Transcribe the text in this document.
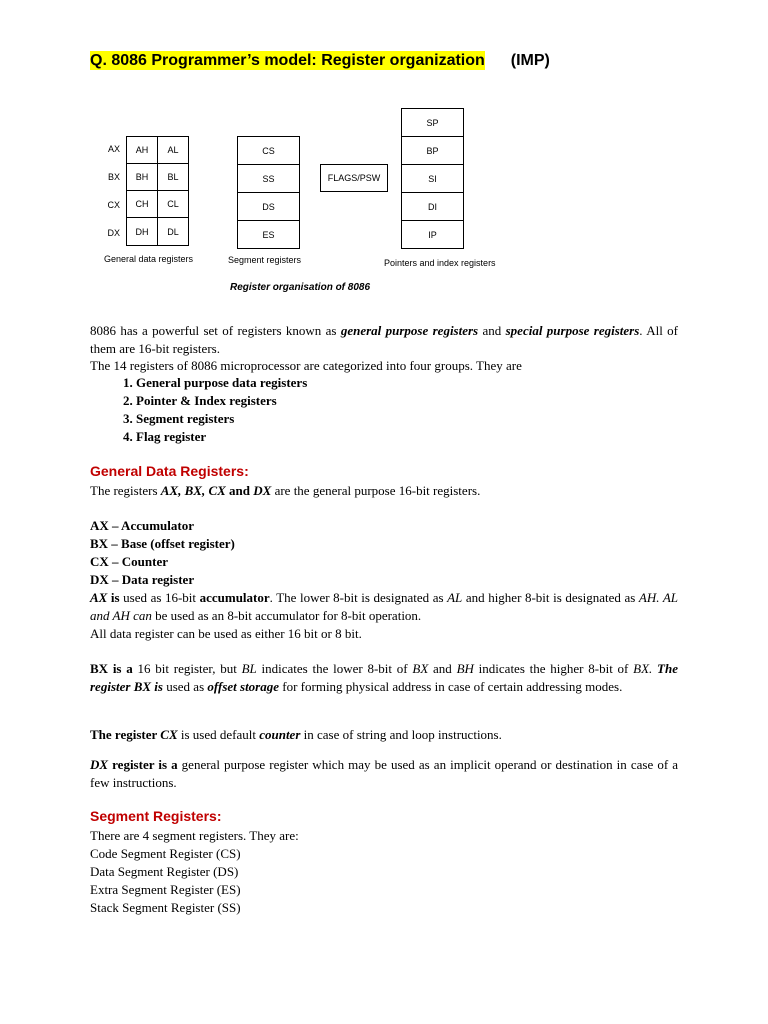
Q. 8086 Programmer’s model: Register organization (IMP)
AX
BX
CX
DX
AH	AL
BH	BL
CH	CL
DH	DL
General data registers
CS
SS
DS
ES
Segment registers
FLAGS/PSW
SP
BP
SI
DI
IP
Pointers and index registers
Register organisation of 8086
8086 has a powerful set of registers known as general purpose registers and special purpose registers. All of them are 16-bit registers.
The 14 registers of 8086 microprocessor are categorized into four groups. They are
1. General purpose data registers
2. Pointer & Index registers
3. Segment registers
4. Flag register
General Data Registers:
The registers AX, BX, CX and DX are the general purpose 16-bit registers.
AX – Accumulator
BX – Base (offset register)
CX – Counter
DX – Data register
AX is used as 16-bit accumulator. The lower 8-bit is designated as AL and higher 8-bit is designated as AH. AL and AH can be used as an 8-bit accumulator for 8-bit operation.
All data register can be used as either 16 bit or 8 bit.
BX is a 16 bit register, but BL indicates the lower 8-bit of BX and BH indicates the higher 8-bit of BX. The register BX is used as offset storage for forming physical address in case of certain addressing modes.
The register CX is used default counter in case of string and loop instructions.
DX register is a general purpose register which may be used as an implicit operand or destination in case of a few instructions.
Segment Registers:
There are 4 segment registers. They are:
Code Segment Register (CS)
Data Segment Register (DS)
Extra Segment Register (ES)
Stack Segment Register (SS)
